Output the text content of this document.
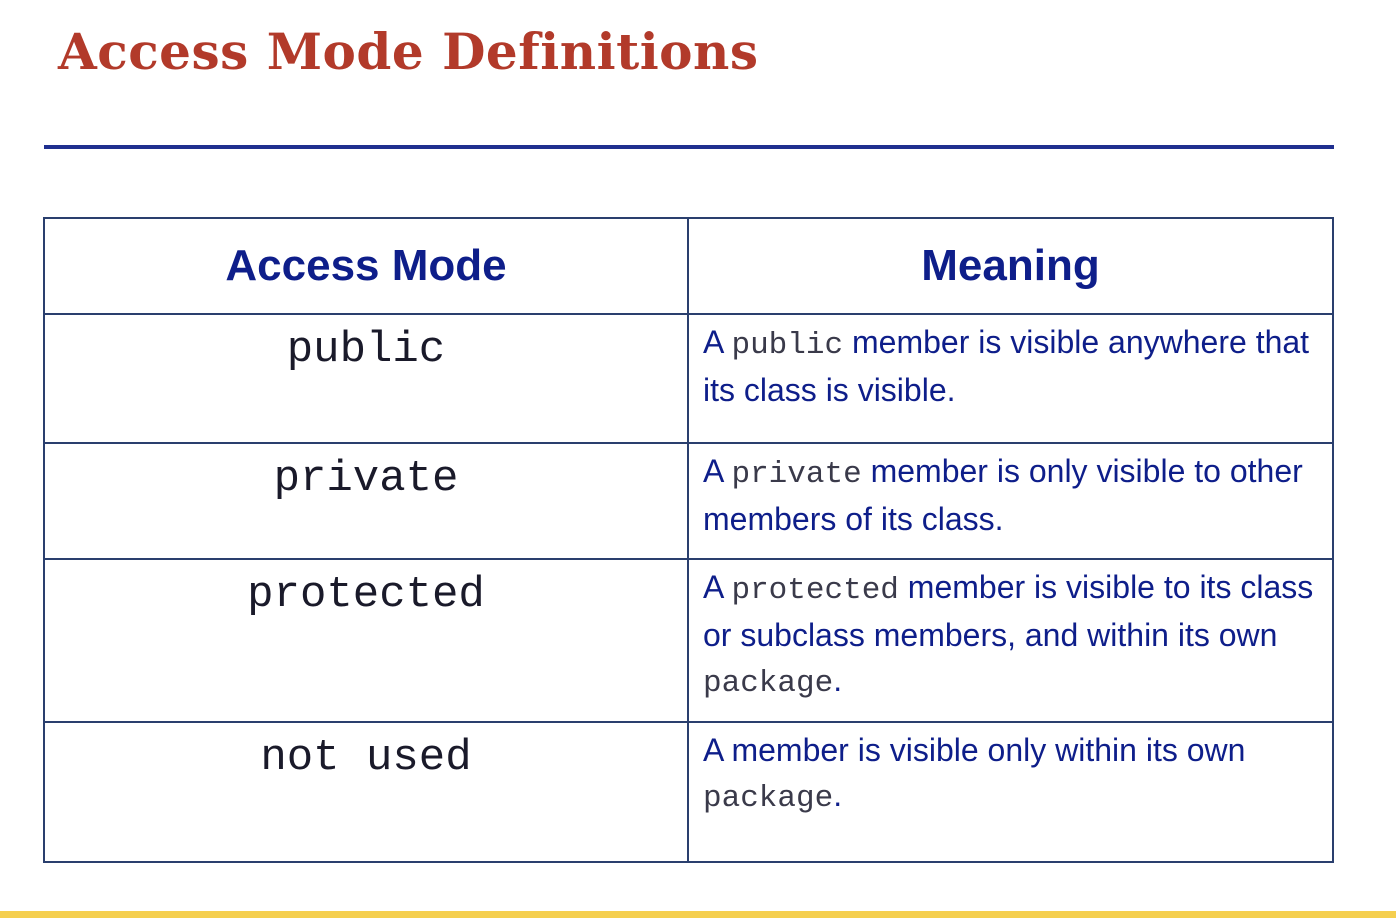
Access Mode Definitions
Access Mode	Meaning
public	A public member is visible anywhere that its class is visible.
private	A private member is only visible to other members of its class.
protected	A protected member is visible to its class or subclass members, and within its own package.
not used	A member is visible only within its own package.
